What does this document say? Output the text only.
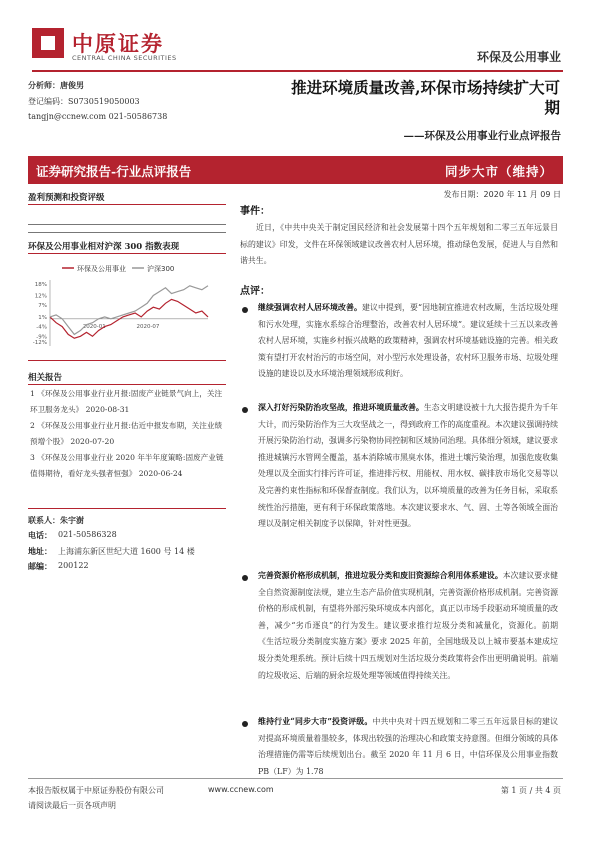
中原证券
CENTRAL CHINA SECURITIES	环保及公用事业
分析师：唐俊男
登记编码：S0730519050003
tangjn@ccnew.com 021-50586738
推进环境质量改善,环保市场持续扩大可
期
——环保及公用事业行业点评报告
证券研究报告-行业点评报告	同步大市（维持）
发布日期：2020 年 11 月 09 日
盈利预测和投资评级
环保及公用事业相对沪深 300 指数表现
环保及公用事业	沪深300
18%
12%
7%
1%
-4%
-9%
-12%
2020-01	2020-07
相关报告
1 《环保及公用事业行业月报:固废产业链景气向上，关注环卫服务龙头》 2020-08-31
2 《环保及公用事业行业月报:估近中报发布期，关注业绩预增个股》 2020-07-20
3 《环保及公用事业行业 2020 年半年度策略:固废产业链值得期待，看好龙头强者恒强》 2020-06-24
联系人：朱宇澍
电话： 021-50586328
地址： 上海浦东新区世纪大道 1600 号 14 楼
邮编： 200122
事件：
近日，《中共中央关于制定国民经济和社会发展第十四个五年规划和二零三五年远景目标的建议》印发，文件在环保领域建议改善农村人居环境，推动绿色发展，促进人与自然和谐共生。
点评：
继续强调农村人居环境改善。建议中提到，要“因地制宜推进农村改厕，生活垃圾处理和污水处理，实施水系综合治理整治，改善农村人居环境”。建议延续十三五以来改善农村人居环境，实施乡村振兴战略的政策精神，强调农村环境基础设施的完善。相关政策有望打开农村治污的市场空间，对小型污水处理设备，农村环卫服务市场、垃圾处理设施的建设以及水环境治理领域形成利好。
深入打好污染防治攻坚战，推进环境质量改善。生态文明建设被十九大报告提升为千年大计，而污染防治作为三大攻坚战之一，得到政府工作的高度重视。本次建议强调持续开展污染防治行动，强调多污染物协同控制和区域协同治理。具体细分领域，建议要求推进城镇污水管网全覆盖，基本消除城市黑臭水体，推进土壤污染治理，加强危废收集处理以及全面实行排污许可证，推进排污权、用能权、用水权、碳排放市场化交易等以及完善约束性指标和环保督查制度。我们认为，以环境质量的改善为任务目标，采取系统性治污措施，更有利于环保政策落地。本次建议要求水、气、固、土等各领域全面治理以及制定相关制度予以保障，针对性更强。
完善资源价格形成机制，推进垃圾分类和废旧资源综合利用体系建设。本次建议要求健全自然资源制度法规，建立生态产品价值实现机制，完善资源价格形成机制。完善资源价格的形成机制，有望将外部污染环境成本内部化，真正以市场手段驱动环境质量的改善，减少“劣币逐良”的行为发生。建议要求推行垃圾分类和减量化，资源化。前期《生活垃圾分类制度实施方案》要求 2025 年前，全国地级及以上城市要基本建成垃圾分类处理系统。预计后续十四五规划对生活垃圾分类政策将会作出更明确说明。前端的垃圾收运、后端的厨余垃圾处理等领域值得持续关注。
维持行业“同步大市”投资评级。中共中央对十四五规划和二零三五年远景目标的建议对提高环境质量着墨较多，体现出较强的治理决心和政策支持意图。但细分领域的具体治理措施仍需等后续规划出台。截至 2020 年 11 月 6 日，中信环保及公用事业指数 PB（LF）为 1.78
本报告版权属于中原证券股份有限公司	www.ccnew.com	第 1 页 / 共 4 页
请阅读最后一页各项声明
